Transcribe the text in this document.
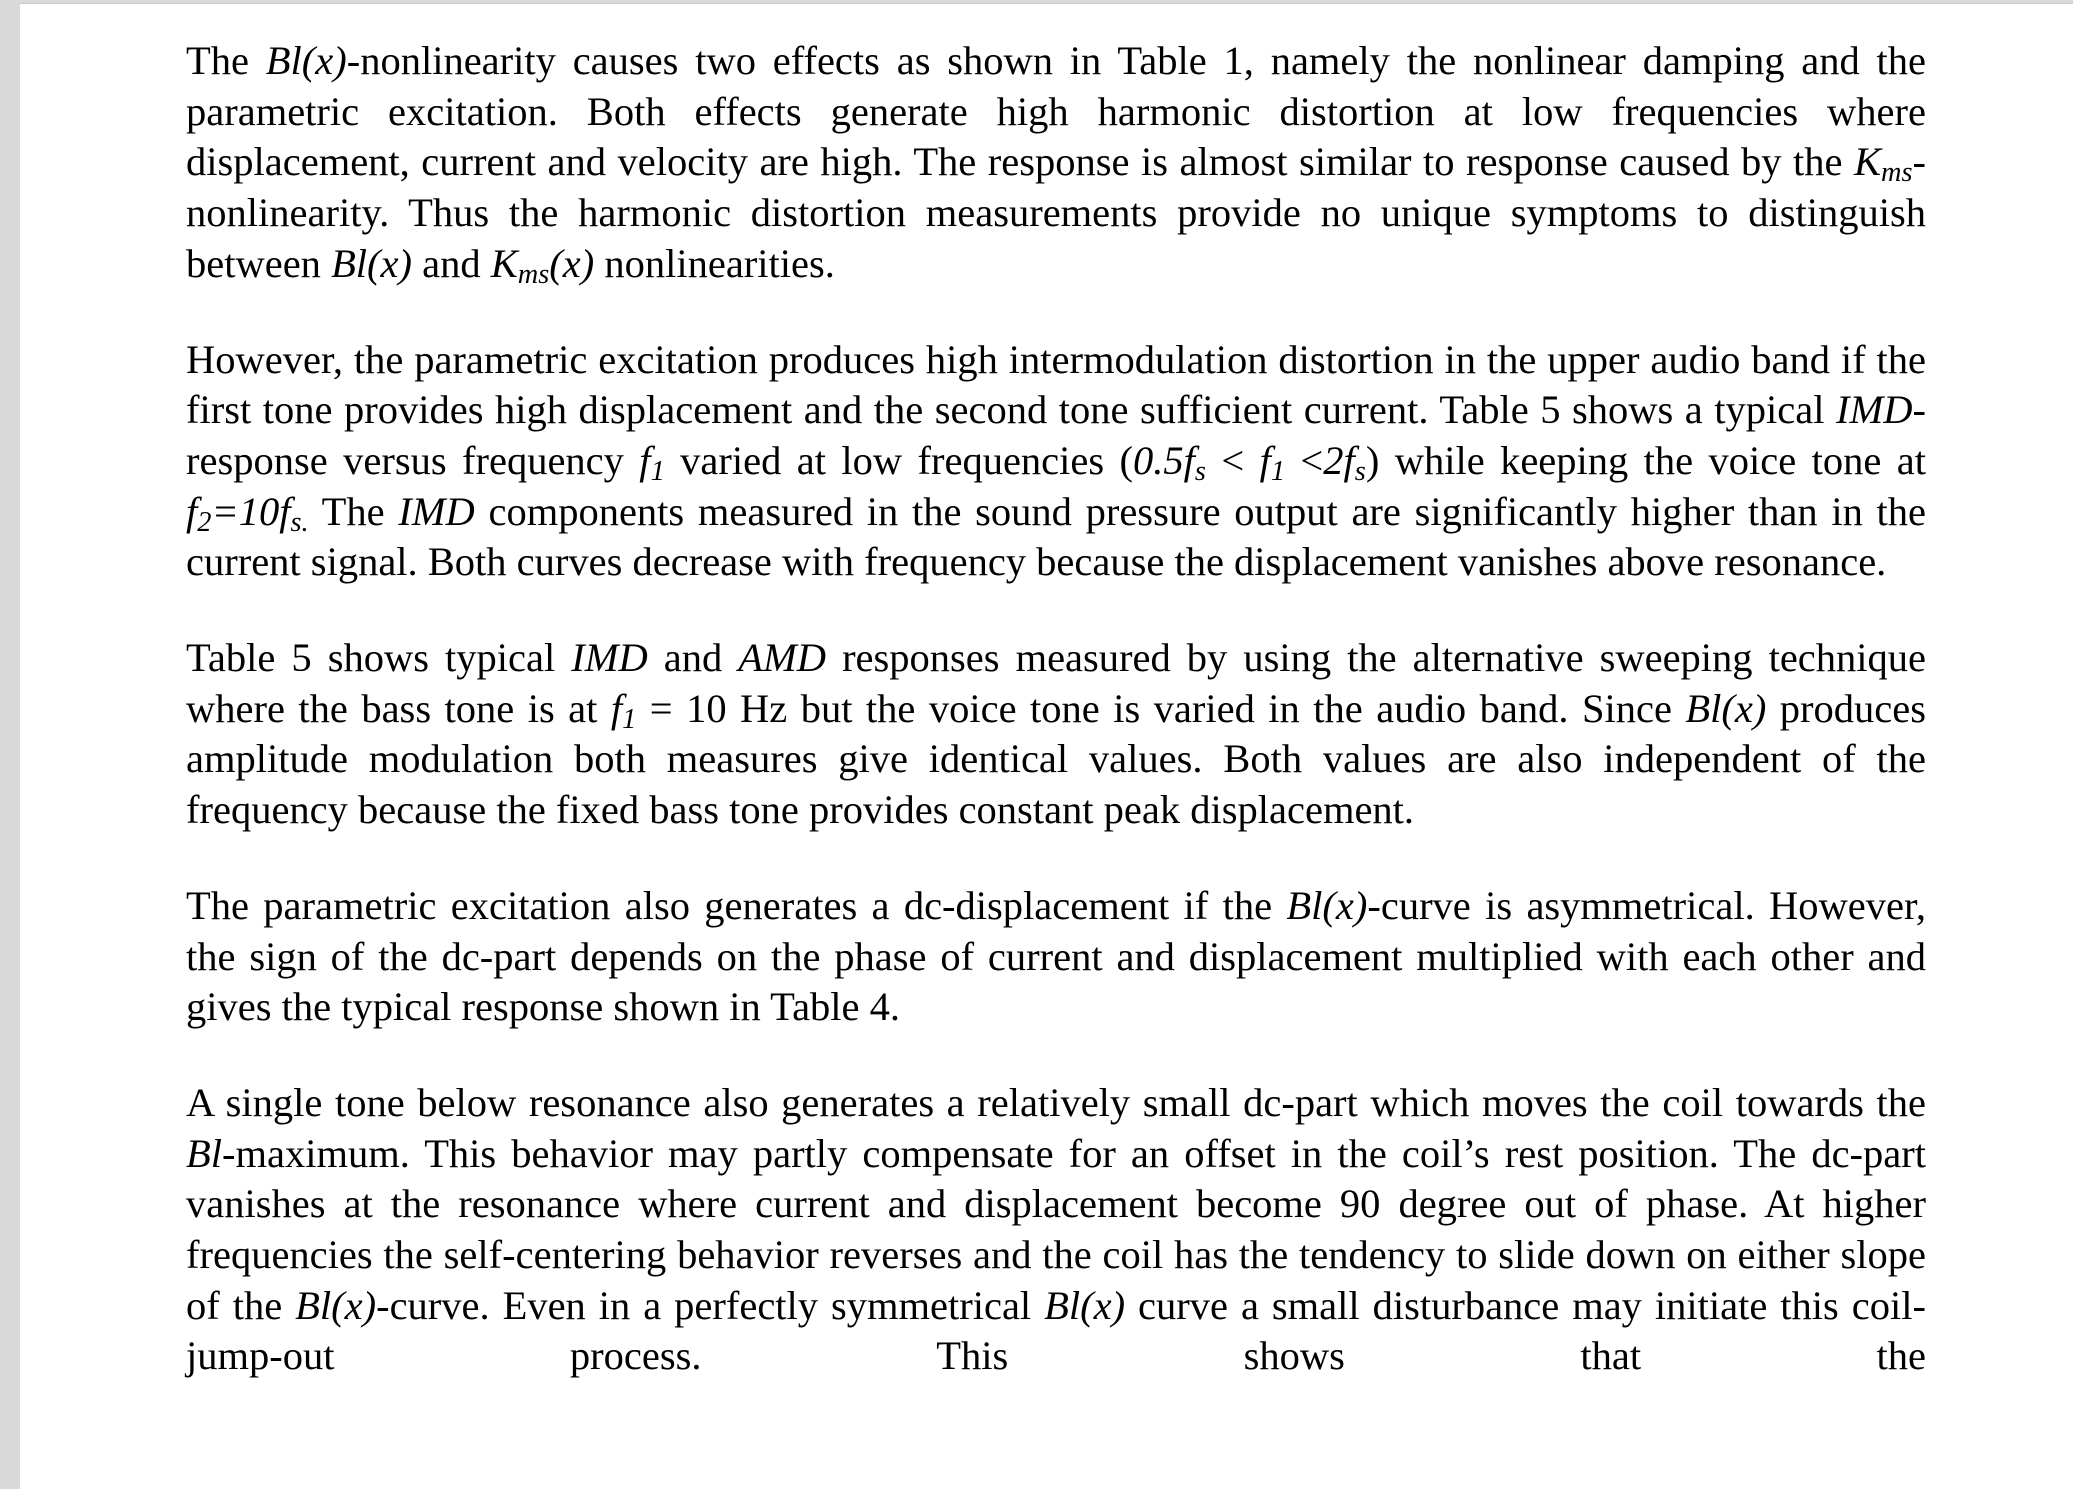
The Bl(x)-nonlinearity causes two effects as shown in Table 1, namely the nonlinear damping and the parametric excitation. Both effects generate high harmonic distortion at low frequencies where displacement, current and velocity are high. The response is almost similar to response caused by the $K_{ms}$-nonlinearity. Thus the harmonic distortion measurements provide no unique symptoms to distinguish between Bl(x) and $K_{ms}(x)$ nonlinearities.

However, the parametric excitation produces high intermodulation distortion in the upper audio band if the first tone provides high displacement and the second tone sufficient current. Table 5 shows a typical IMD- response versus frequency $f_1$ varied at low frequencies $(0.5f_s < f_1 <2f_s)$ while keeping the voice tone at $f_2=10f_{s.}$ The IMD components measured in the sound pressure output are significantly higher than in the current signal. Both curves decrease with frequency because the displacement vanishes above resonance.

Table 5 shows typical IMD and AMD responses measured by using the alternative sweeping technique where the bass tone is at $f_1 = 10$ Hz but the voice tone is varied in the audio band. Since Bl(x) produces amplitude modulation both measures give identical values. Both values are also independent of the frequency because the fixed bass tone provides constant peak displacement.

The parametric excitation also generates a dc-displacement if the Bl(x)-curve is asymmetrical. However, the sign of the dc-part depends on the phase of current and displacement multiplied with each other and gives the typical response shown in Table 4.

A single tone below resonance also generates a relatively small dc-part which moves the coil towards the Bl-maximum. This behavior may partly compensate for an offset in the coil’s rest position. The dc-part vanishes at the resonance where current and displacement become 90 degree out of phase. At higher frequencies the self-centering behavior reverses and the coil has the tendency to slide down on either slope of the Bl(x)-curve. Even in a perfectly symmetrical Bl(x) curve a small disturbance may initiate this coil-jump-out process. This shows that the
